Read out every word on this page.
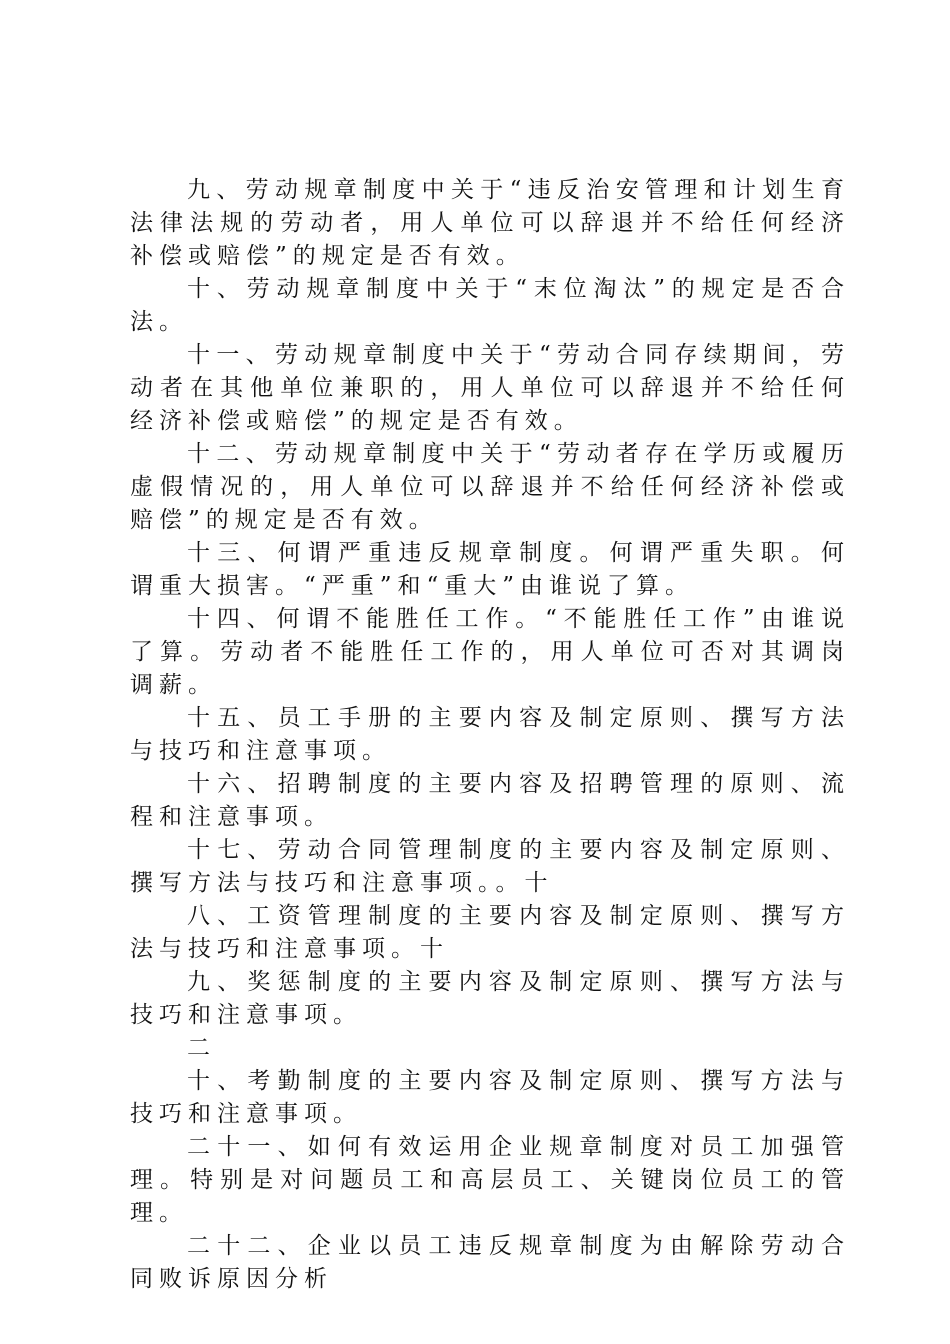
九、劳动规章制度中关于“违反治安管理和计划生育法律法规的劳动者，用人单位可以辞退并不给任何经济补偿或赔偿”的规定是否有效。

十、劳动规章制度中关于“末位淘汰”的规定是否合法。

十一、劳动规章制度中关于“劳动合同存续期间，劳动者在其他单位兼职的，用人单位可以辞退并不给任何经济补偿或赔偿”的规定是否有效。

十二、劳动规章制度中关于“劳动者存在学历或履历虚假情况的，用人单位可以辞退并不给任何经济补偿或赔偿”的规定是否有效。

十三、何谓严重违反规章制度。何谓严重失职。何谓重大损害。“严重”和“重大”由谁说了算。

十四、何谓不能胜任工作。“不能胜任工作”由谁说了算。劳动者不能胜任工作的，用人单位可否对其调岗调薪。

十五、员工手册的主要内容及制定原则、撰写方法与技巧和注意事项。

十六、招聘制度的主要内容及招聘管理的原则、流程和注意事项。

十七、劳动合同管理制度的主要内容及制定原则、撰写方法与技巧和注意事项。。十

八、工资管理制度的主要内容及制定原则、撰写方法与技巧和注意事项。十

九、奖惩制度的主要内容及制定原则、撰写方法与技巧和注意事项。

二

十、考勤制度的主要内容及制定原则、撰写方法与技巧和注意事项。

二十一、如何有效运用企业规章制度对员工加强管理。特别是对问题员工和高层员工、关键岗位员工的管理。

二十二、企业以员工违反规章制度为由解除劳动合同败诉原因分析
